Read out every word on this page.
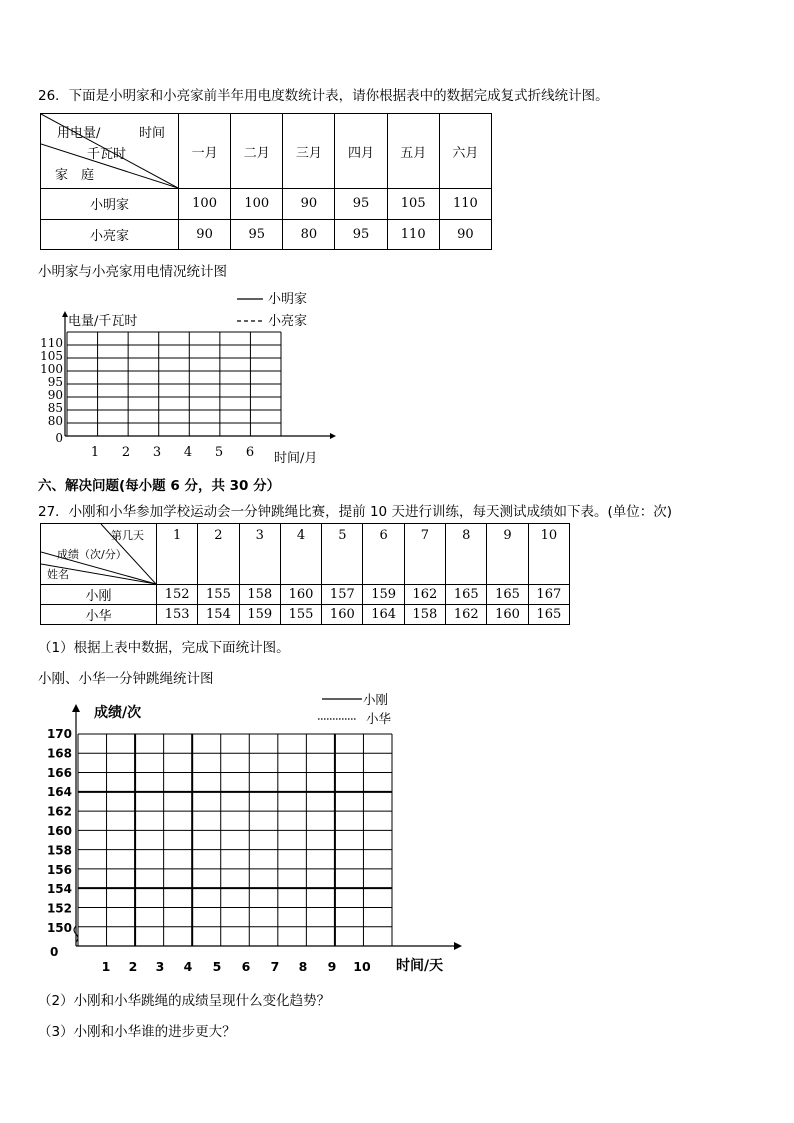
26．下面是小明家和小亮家前半年用电度数统计表，请你根据表中的数据完成复式折线统计图。
用电量/ 时间
千瓦时
家　庭	一月	二月	三月	四月	五月	六月
小明家	100	100	90	95	105	110
小亮家	90	95	80	95	110	90
小明家与小亮家用电情况统计图
0
80
85
90
95
100
105
110
1 2 3 4 5 6
电量/千瓦时
时间/月
小明家
小亮家
六、解决问题(每小题 6 分，共 30 分）
27．小刚和小华参加学校运动会一分钟跳绳比赛，提前 10 天进行训练，每天测试成绩如下表。(单位：次)
第几天
成绩（次/分）
姓名	1	2	3	4	5	6	7	8	9	10
小刚	152	155	158	160	157	159	162	165	165	167
小华	153	154	159	155	160	164	158	162	160	165
（1）根据上表中数据，完成下面统计图。
小刚、小华一分钟跳绳统计图
0
150
152
154
156
158
160
162
164
166
168
170
1 2 3 4 5 6 7 8 9 10
成绩/次
时间/天
小刚
小华
（2）小刚和小华跳绳的成绩呈现什么变化趋势？
（3）小刚和小华谁的进步更大？
